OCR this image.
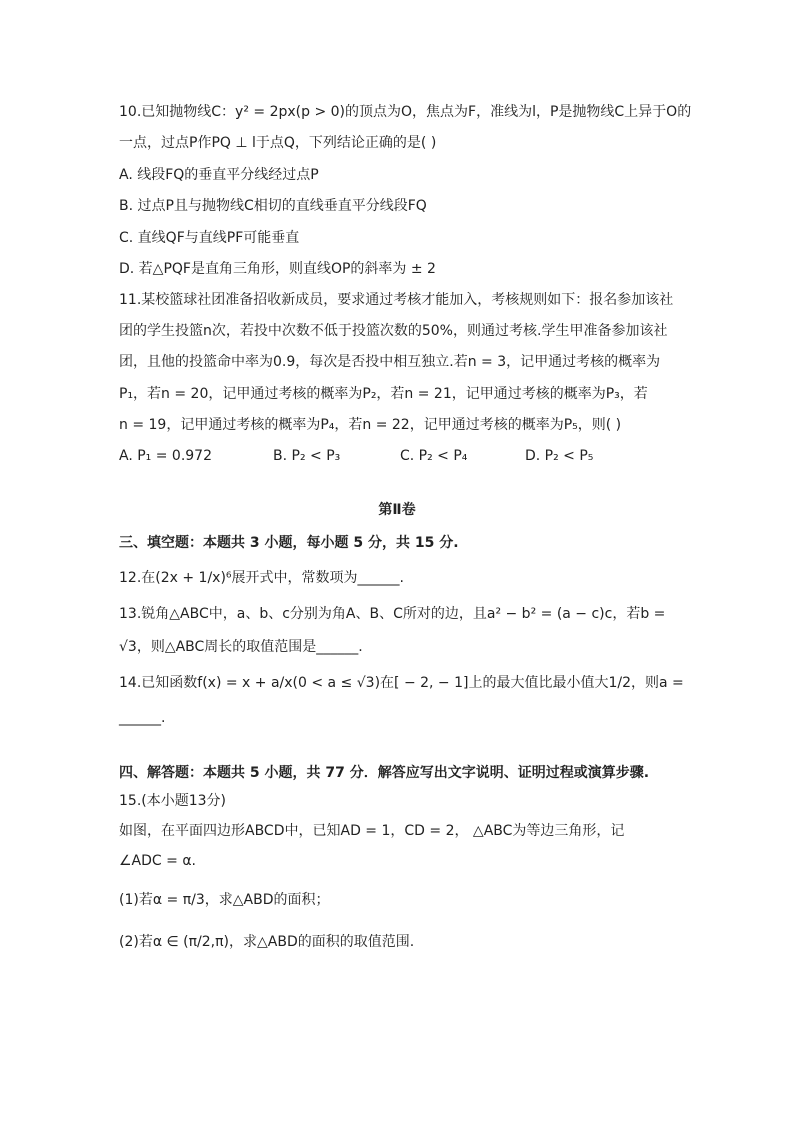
10.已知抛物线C：y² = 2px(p > 0)的顶点为O，焦点为F，准线为l，P是抛物线C上异于O的
一点，过点P作PQ ⊥ l于点Q，下列结论正确的是( )
A. 线段FQ的垂直平分线经过点P
B. 过点P且与抛物线C相切的直线垂直平分线段FQ
C. 直线QF与直线PF可能垂直
D. 若△PQF是直角三角形，则直线OP的斜率为 ± 2
11.某校篮球社团准备招收新成员，要求通过考核才能加入，考核规则如下：报名参加该社
团的学生投篮n次，若投中次数不低于投篮次数的50%，则通过考核.学生甲准备参加该社
团，且他的投篮命中率为0.9，每次是否投中相互独立.若n = 3，记甲通过考核的概率为
P₁，若n = 20，记甲通过考核的概率为P₂，若n = 21，记甲通过考核的概率为P₃，若
n = 19，记甲通过考核的概率为P₄，若n = 22，记甲通过考核的概率为P₅，则( )
A. P₁ = 0.972	B. P₂ < P₃	C. P₂ < P₄	D. P₂ < P₅
第Ⅱ卷
三、填空题：本题共 3 小题，每小题 5 分，共 15 分.
12.在(2x + 1/x)⁶展开式中，常数项为______.
13.锐角△ABC中，a、b、c分别为角A、B、C所对的边，且a² − b² = (a − c)c，若b =
√3，则△ABC周长的取值范围是______.
14.已知函数f(x) = x + a/x(0 < a ≤ √3)在[ − 2, − 1]上的最大值比最小值大1/2，则a =
______.
四、解答题：本题共 5 小题，共 77 分．解答应写出文字说明、证明过程或演算步骤.
15.(本小题13分)
如图，在平面四边形ABCD中，已知AD = 1，CD = 2， △ABC为等边三角形，记
∠ADC = α.
(1)若α = π/3，求△ABD的面积；
(2)若α ∈ (π/2,π)，求△ABD的面积的取值范围.
